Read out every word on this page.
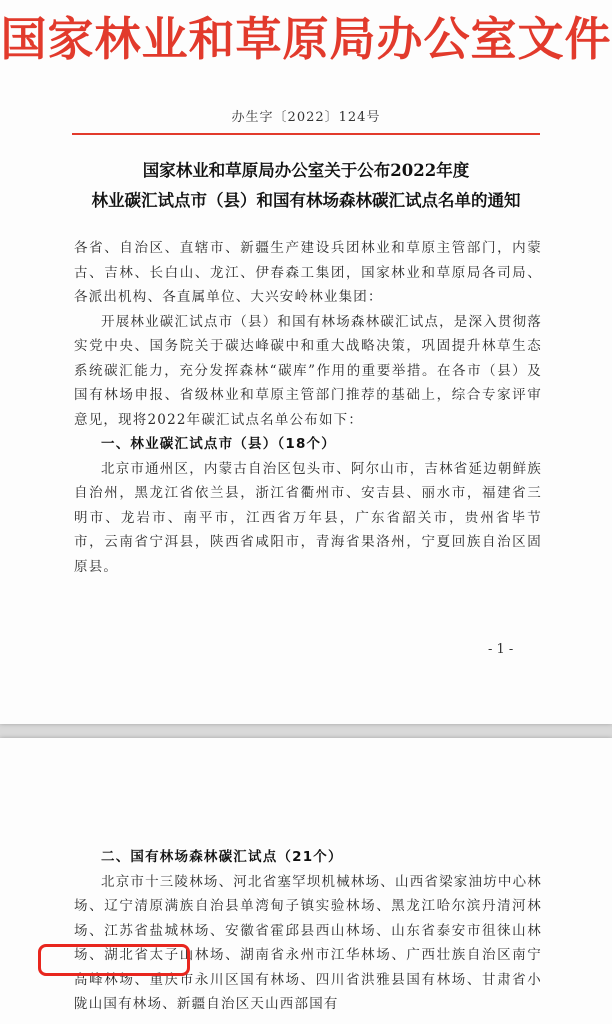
国家林业和草原局办公室文件
办生字〔2022〕124号
国家林业和草原局办公室关于公布2022年度
林业碳汇试点市（县）和国有林场森林碳汇试点名单的通知

各省、自治区、直辖市、新疆生产建设兵团林业和草原主管部门，内蒙古、吉林、长白山、龙江、伊春森工集团，国家林业和草原局各司局、各派出机构、各直属单位、大兴安岭林业集团：

开展林业碳汇试点市（县）和国有林场森林碳汇试点，是深入贯彻落实党中央、国务院关于碳达峰碳中和重大战略决策，巩固提升林草生态系统碳汇能力，充分发挥森林“碳库”作用的重要举措。在各市（县）及国有林场申报、省级林业和草原主管部门推荐的基础上，综合专家评审意见，现将2022年碳汇试点名单公布如下：

一、林业碳汇试点市（县）（18个）

北京市通州区，内蒙古自治区包头市、阿尔山市，吉林省延边朝鲜族自治州，黑龙江省依兰县，浙江省衢州市、安吉县、丽水市，福建省三明市、龙岩市、南平市，江西省万年县，广东省韶关市，贵州省毕节市，云南省宁洱县，陕西省咸阳市，青海省果洛州，宁夏回族自治区固原县。

- 1 -

二、国有林场森林碳汇试点（21个）

北京市十三陵林场、河北省塞罕坝机械林场、山西省梁家油坊中心林场、辽宁清原满族自治县单湾甸子镇实验林场、黑龙江哈尔滨丹清河林场、江苏省盐城林场、安徽省霍邱县西山林场、山东省泰安市徂徕山林场、湖北省太子山林场、湖南省永州市江华林场、广西壮族自治区南宁高峰林场、重庆市永川区国有林场、四川省洪雅县国有林场、甘肃省小陇山国有林场、新疆自治区天山西部国有
